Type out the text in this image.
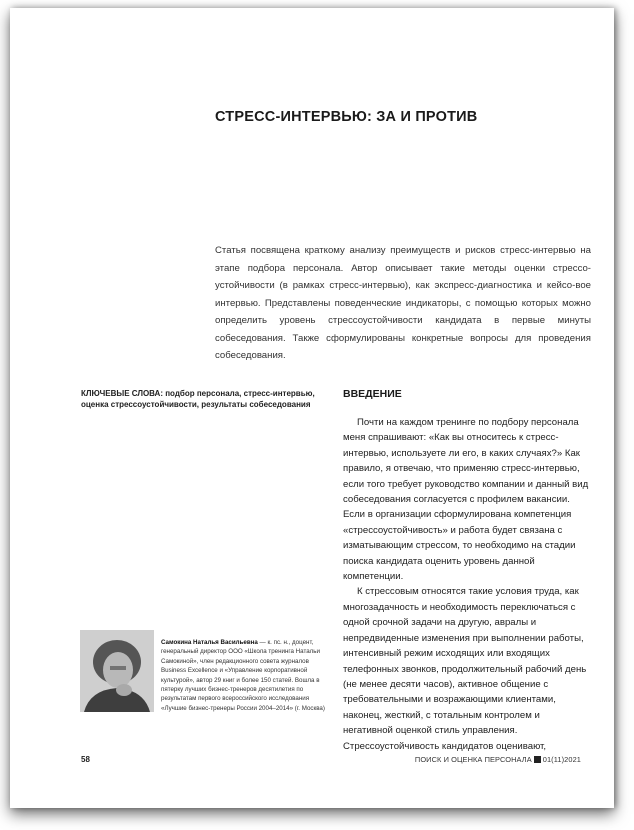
СТРЕСС-ИНТЕРВЬЮ: ЗА И ПРОТИВ
Статья посвящена краткому анализу преимуществ и рисков стресс-интервью на этапе подбора персонала. Автор описывает такие методы оценки стрессо-устойчивости (в рамках стресс-интервью), как экспресс-диагностика и кейсо-вое интервью. Представлены поведенческие индикаторы, с помощью которых можно определить уровень стрессоустойчивости кандидата в первые минуты собеседования. Также сформулированы конкретные вопросы для проведения собеседования.
КЛЮЧЕВЫЕ СЛОВА: подбор персонала, стресс-интервью, оценка стрессоустойчивости, результаты собеседования
ВВЕДЕНИЕ

Почти на каждом тренинге по подбору персонала меня спрашивают: «Как вы относитесь к стресс-интервью, используете ли его, в каких случаях?» Как правило, я отвечаю, что применяю стресс-интервью, если того требует руководство компании и данный вид собеседования согласуется с профилем вакансии. Если в организации сформулирована компетенция «стрессоустойчивость» и работа будет связана с изматывающим стрессом, то необходимо на стадии поиска кандидата оценить уровень данной компетенции.

К стрессовым относятся такие условия труда, как многозадачность и необходимость переключаться с одной срочной задачи на другую, авралы и непредвиденные изменения при выполнении работы, интенсивный режим исходящих или входящих телефонных звонков, продолжительный рабочий день (не менее десяти часов), активное общение с требовательными и возражающими клиентами, наконец, жесткий, с тотальным контролем и негативной оценкой стиль управления. Стрессоустойчивость кандидатов оценивают,

Самокина Наталья Васильевна — к. пс. н., доцент, генеральный директор ООО «Школа тренинга Натальи Самокиной», член редакционного совета журналов Business Excellence и «Управление корпоративной культурой», автор 29 книг и более 150 статей. Вошла в пятерку лучших бизнес-тренеров десятилетия по результатам первого всероссийского исследования «Лучшие бизнес-тренеры России 2004–2014» (г. Москва)
58	ПОИСК И ОЦЕНКА ПЕРСОНАЛА 01(11)2021
